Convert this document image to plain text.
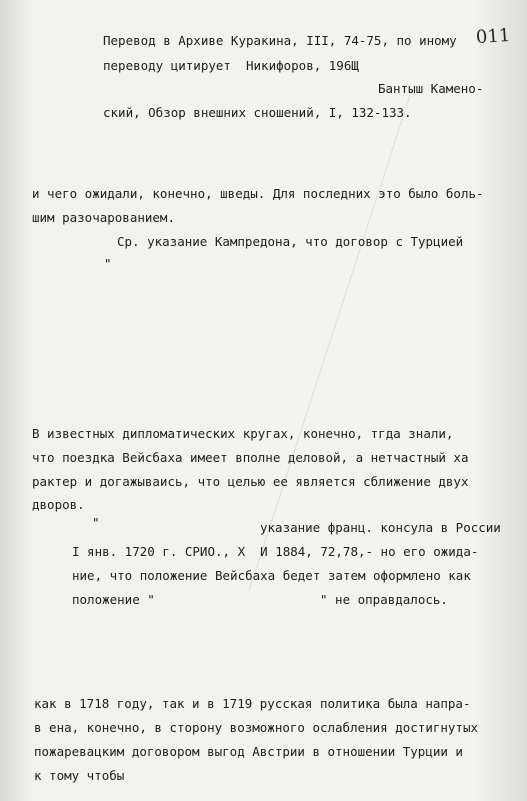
011
Перевод в Архиве Куракина, III, 74-75, по иному
переводу цитирует  Никифоров, 196Щ
Бантыш Камено-
ский, Обзор внешних сношений, I, 132-133.
и чего ожидали, конечно, шведы. Для последних это было боль-
шим разочарованием.
Ср. указание Кампредона, что договор с Турцией
"
В известных дипломатических кругах, конечно, тгда знали,
что поездка Вейсбаха имеет вполне деловой, а нетчастный ха
рактер и догажываись, что целью ее является сближение двух
дворов.
"	указание франц. консула в России
I янв. 1720 г. СРИО., Х  И 1884, 72,78,- но его ожида-
ние, что положение Вейсбаха бедет затем оформлено как
положение "	" не оправдалось.
как в 1718 году, так и в 1719 русская политика была напра-
в ена, конечно, в сторону возможного ослабления достигнутых
пожаревацким договором выгод Австрии в отношении Турции и
к тому чтобы
